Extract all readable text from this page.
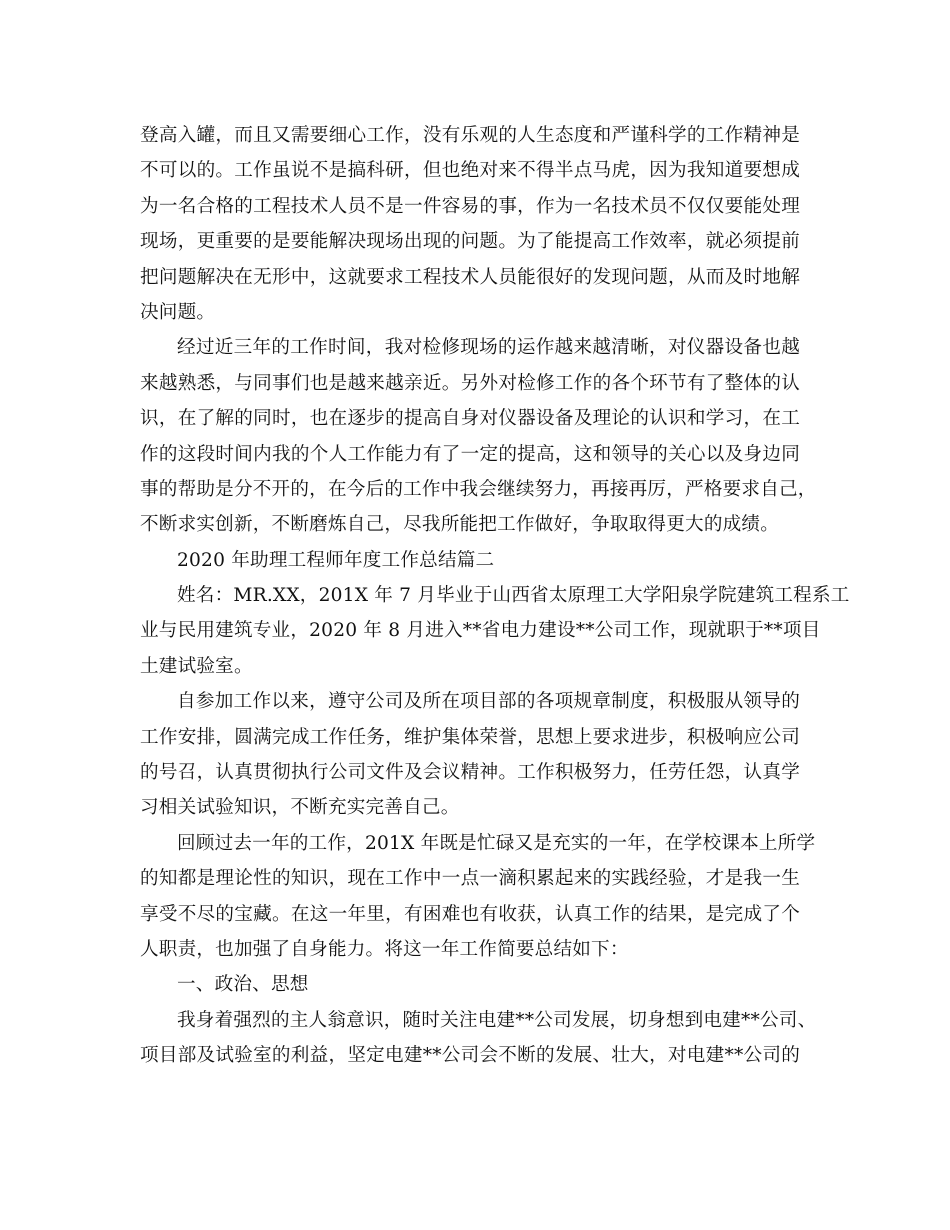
登高入罐，而且又需要细心工作，没有乐观的人生态度和严谨科学的工作精神是
不可以的。工作虽说不是搞科研，但也绝对来不得半点马虎，因为我知道要想成
为一名合格的工程技术人员不是一件容易的事，作为一名技术员不仅仅要能处理
现场，更重要的是要能解决现场出现的问题。为了能提高工作效率，就必须提前
把问题解决在无形中，这就要求工程技术人员能很好的发现问题，从而及时地解
决问题。
经过近三年的工作时间，我对检修现场的运作越来越清晰，对仪器设备也越
来越熟悉，与同事们也是越来越亲近。另外对检修工作的各个环节有了整体的认
识，在了解的同时，也在逐步的提高自身对仪器设备及理论的认识和学习，在工
作的这段时间内我的个人工作能力有了一定的提高，这和领导的关心以及身边同
事的帮助是分不开的，在今后的工作中我会继续努力，再接再厉，严格要求自己，
不断求实创新，不断磨炼自己，尽我所能把工作做好，争取取得更大的成绩。
2020 年助理工程师年度工作总结篇二
姓名：MR.XX，201X 年 7 月毕业于山西省太原理工大学阳泉学院建筑工程系工
业与民用建筑专业，2020 年 8 月进入**省电力建设**公司工作，现就职于**项目
土建试验室。
自参加工作以来，遵守公司及所在项目部的各项规章制度，积极服从领导的
工作安排，圆满完成工作任务，维护集体荣誉，思想上要求进步，积极响应公司
的号召，认真贯彻执行公司文件及会议精神。工作积极努力，任劳任怨，认真学
习相关试验知识，不断充实完善自己。
回顾过去一年的工作，201X 年既是忙碌又是充实的一年，在学校课本上所学
的知都是理论性的知识，现在工作中一点一滴积累起来的实践经验，才是我一生
享受不尽的宝藏。在这一年里，有困难也有收获，认真工作的结果，是完成了个
人职责，也加强了自身能力。将这一年工作简要总结如下：
一、政治、思想
我身着强烈的主人翁意识，随时关注电建**公司发展，切身想到电建**公司、
项目部及试验室的利益，坚定电建**公司会不断的发展、壮大，对电建**公司的
